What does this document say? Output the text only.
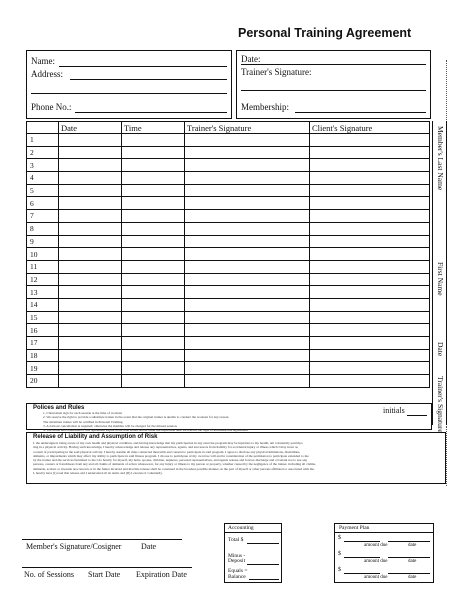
Personal Training Agreement
Name:
Address:
Phone No.:
Date:
Trainer's Signature:
Membership:
	Date	Time	Trainer's Signature	Client's Signature
1				
2				
3				
4				
5				
6				
7				
8				
9				
10				
11				
12				
13				
14				
15				
16				
17				
18				
19				
20				
Member's Last Name
First Name
Date
Trainer's Signature
Polices and Rules
1. Client must sign for each session at the time of workout
2. We reserve the right to provide a substitute trainer in the event that the original trainer is unable to conduct the workout for any reason.
The substitute trainer will be certified in Personal Training.
3. A 24 hour cancellation is required; otherwise the member will be charged for the missed session.
4. The terms and conditions of this agreement expire at the date stated below. After the expiration date we reserve the right to terminate this Agreement
initials
Release of Liability and Assumption of Risk
I, the undersigned, being aware of my own health and physical condition, and having knowledge that my participation in any exercise program may be injurious to my health, am voluntarily participa
ting in a physical activity. Having such knowledge, I hereby acknowledge and release any representatives, agents, and successors from liability for accidental injury or illness which I may incur as
a result of participating in the said physical activity. I hereby assume all risks connected therewith and consent to participate in said program. I agree to disclose any physical limitations, disabilities,
ailments, or impairments which may affect my ability to participate in said fitness program. I choose to participate of my own free will and in consideration of the permission to participate extended to me
by the trainer and the services furnished to me I do hereby for myself, my heirs, spouse, children, nephews, personal representatives, and agents release and forever discharge and covenant not to sue any
persons, owners or franchisees from any and all claims of demands of action whatsoever, for any injury or illness to my person or property, whether caused by the negligence of the trainer, including all claims,
demands, actions or lawsuits now known or in the future incurred and that this release shall be construed in the broadest possible manner on the part of myself or other persons affiliated or associated with me.
I, hereby have (I) read this release and I understand all its terms and (II) I execute it voluntarily.
Member's Signature/Cosigner Date
No. of Sessions Start Date Expiration Date
Accounting
Total $
Minus -
Deposit
Equals =
Balance
Payment Plan
$
amount due	date
$
amount due	date
$
amount due	date
